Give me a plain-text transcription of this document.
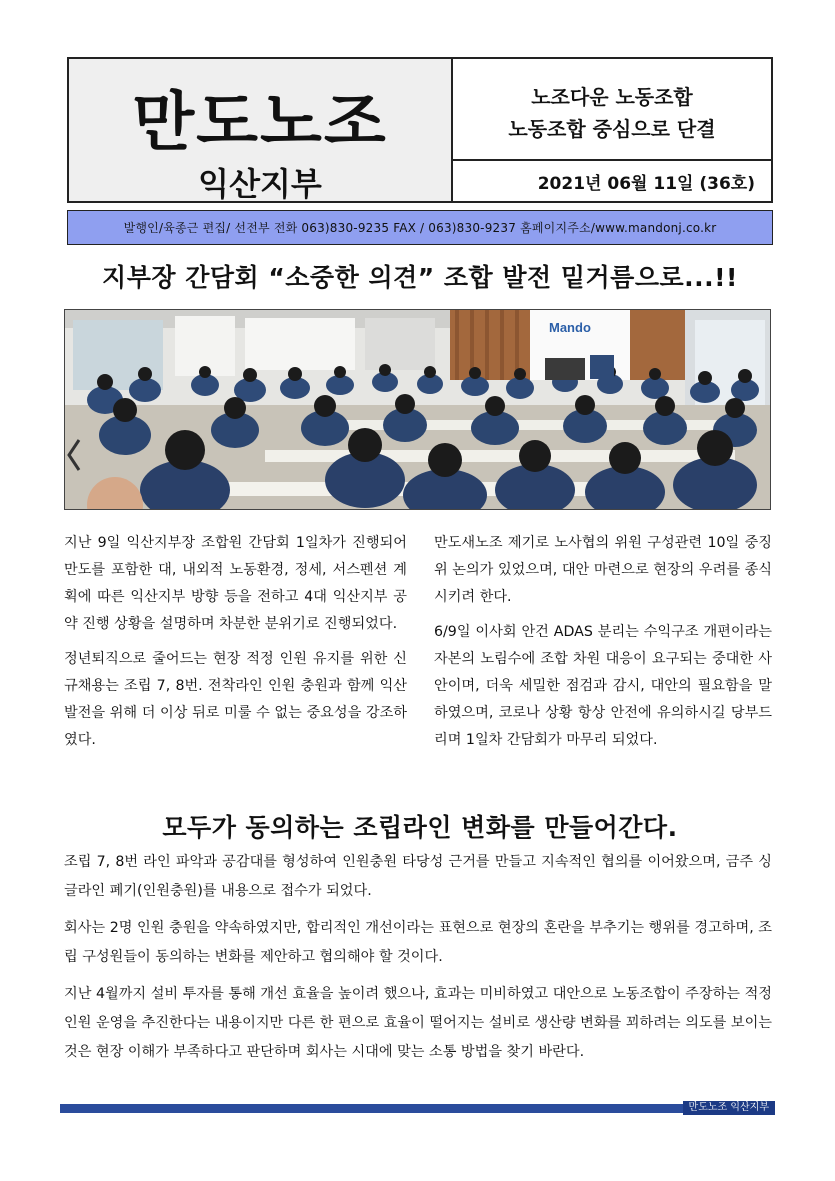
만도노조
익산지부
노조다운 노동조합
노동조합 중심으로 단결
2021년 06월 11일 (36호)
발행인/육종근 편집/ 선전부 전화 063)830-9235 FAX / 063)830-9237 홈페이지주소/www.mandonj.co.kr
지부장 간담회 “소중한 의견” 조합 발전 밑거름으로...!!
Mando

지난 9일 익산지부장 조합원 간담회 1일차가 진행되어 만도를 포함한 대, 내외적 노동환경, 정세, 서스펜션 계획에 따른 익산지부 방향 등을 전하고 4대 익산지부 공약 진행 상황을 설명하며 차분한 분위기로 진행되었다.

정년퇴직으로 줄어드는 현장 적정 인원 유지를 위한 신규채용는 조립 7, 8번. 전착라인 인원 충원과 함께 익산 발전을 위해 더 이상 뒤로 미룰 수 없는 중요성을 강조하였다.

만도새노조 제기로 노사협의 위원 구성관련 10일 중징위 논의가 있었으며, 대안 마련으로 현장의 우려를 종식시키려 한다.

6/9일 이사회 안건 ADAS 분리는 수익구조 개편이라는 자본의 노림수에 조합 차원 대응이 요구되는 중대한 사안이며, 더욱 세밀한 점검과 감시, 대안의 필요함을 말하였으며, 코로나 상황 항상 안전에 유의하시길 당부드리며 1일차 간담회가 마무리 되었다.

모두가 동의하는 조립라인 변화를 만들어간다.

조립 7, 8번 라인 파악과 공감대를 형성하여 인원충원 타당성 근거를 만들고 지속적인 협의를 이어왔으며, 금주 싱글라인 폐기(인원충원)를 내용으로 접수가 되었다.

회사는 2명 인원 충원을 약속하였지만, 합리적인 개선이라는 표현으로 현장의 혼란을 부추기는 행위를 경고하며, 조립 구성원들이 동의하는 변화를 제안하고 협의해야 할 것이다.

지난 4월까지 설비 투자를 통해 개선 효율을 높이려 했으나, 효과는 미비하였고 대안으로 노동조합이 주장하는 적정인원 운영을 추진한다는 내용이지만 다른 한 편으로 효율이 떨어지는 설비로 생산량 변화를 꾀하려는 의도를 보이는 것은 현장 이해가 부족하다고 판단하며 회사는 시대에 맞는 소통 방법을 찾기 바란다.

만도노조 익산지부
